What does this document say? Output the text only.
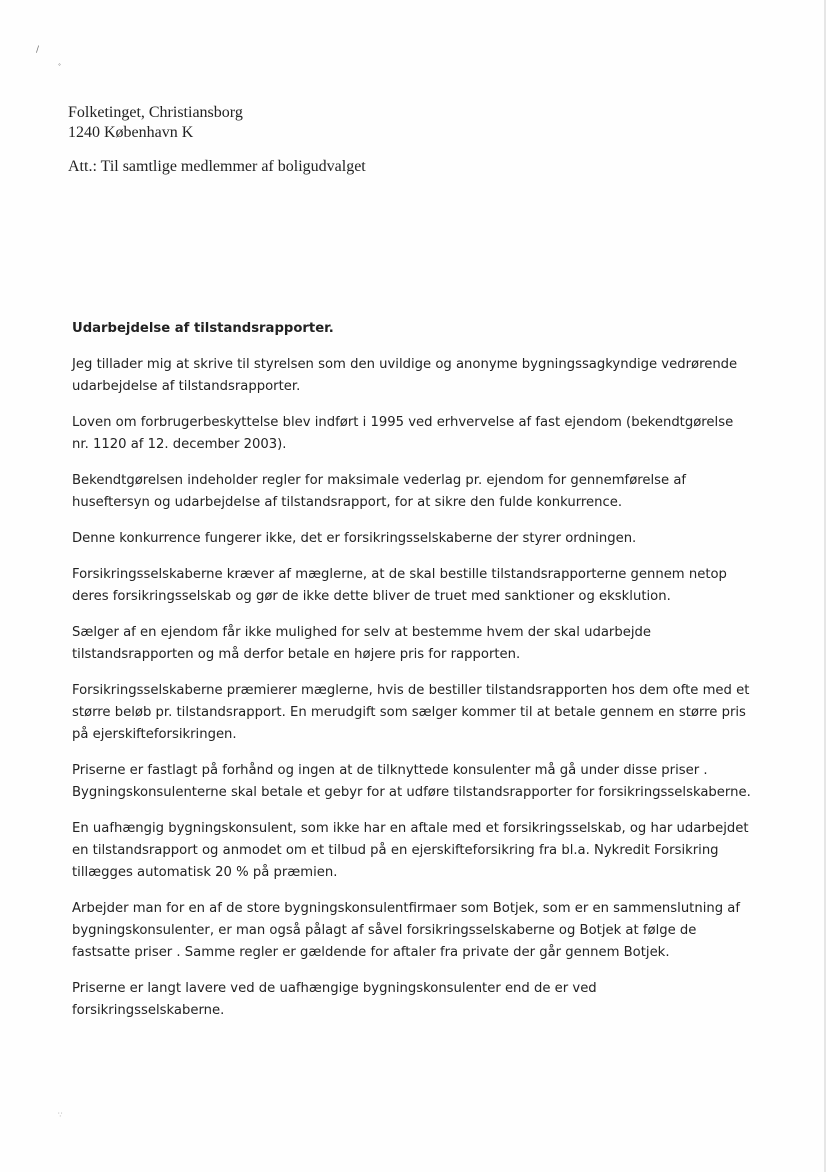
/
°
∵
Folketinget, Christiansborg
1240 København K
Att.: Til samtlige medlemmer af boligudvalget
Udarbejdelse af tilstandsrapporter.

Jeg tillader mig at skrive til styrelsen som den uvildige og anonyme bygningssagkyndige vedrørende udarbejdelse af tilstandsrapporter.

Loven om forbrugerbeskyttelse blev indført i 1995 ved erhvervelse af fast ejendom (bekendtgørelse nr. 1120 af 12. december 2003).

Bekendtgørelsen indeholder regler for maksimale vederlag pr. ejendom for gennemførelse af huseftersyn og udarbejdelse af tilstandsrapport, for at sikre den fulde konkurrence.

Denne konkurrence fungerer ikke, det er forsikringsselskaberne der styrer ordningen.

Forsikringsselskaberne kræver af mæglerne, at de skal bestille tilstandsrapporterne gennem netop deres forsikringsselskab og gør de ikke dette bliver de truet med sanktioner og eksklution.

Sælger af en ejendom får ikke mulighed for selv at bestemme hvem der skal udarbejde tilstandsrapporten og må derfor betale en højere pris for rapporten.

Forsikringsselskaberne præmierer mæglerne, hvis de bestiller tilstandsrapporten hos dem ofte med et større beløb pr. tilstandsrapport. En merudgift som sælger kommer til at betale gennem en større pris på ejerskifteforsikringen.

Priserne er fastlagt på forhånd og ingen at de tilknyttede konsulenter må gå under disse priser . Bygningskonsulenterne skal betale et gebyr for at udføre tilstandsrapporter for forsikringsselskaberne.

En uafhængig bygningskonsulent, som ikke har en aftale med et forsikringsselskab, og har udarbejdet en tilstandsrapport og anmodet om et tilbud på en ejerskifteforsikring fra bl.a. Nykredit Forsikring tillægges automatisk 20 % på præmien.

Arbejder man for en af de store bygningskonsulentfirmaer som Botjek, som er en sammenslutning af bygningskonsulenter, er man også pålagt af såvel forsikringsselskaberne og Botjek at følge de fastsatte priser . Samme regler er gældende for aftaler fra private der går gennem Botjek.

Priserne er langt lavere ved de uafhængige bygningskonsulenter end de er ved forsikringsselskaberne.
